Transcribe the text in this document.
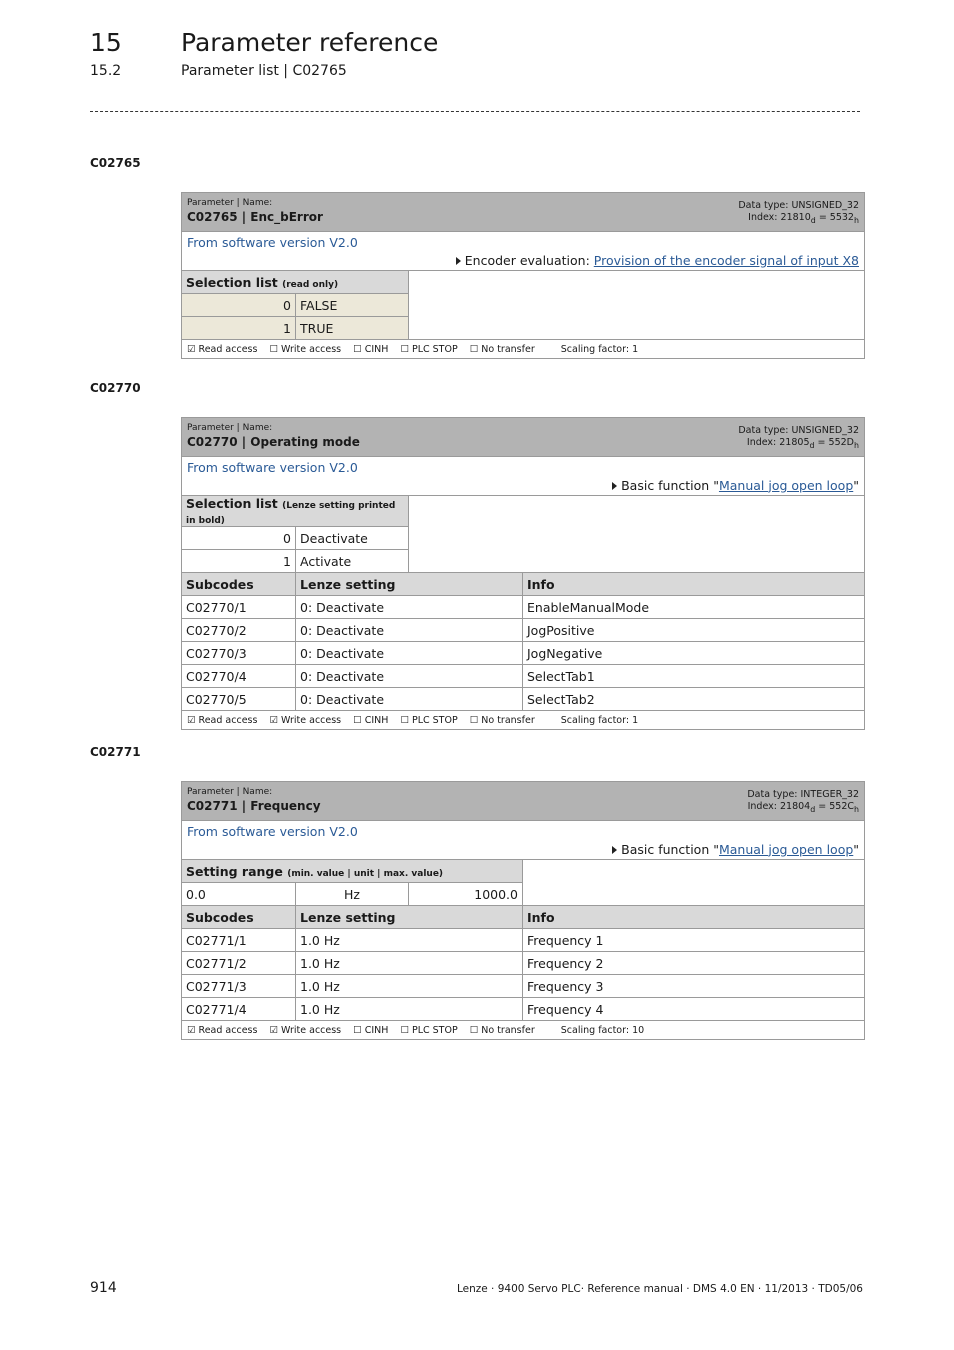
15 Parameter reference
15.2	Parameter list | C02765
C02765
Data type: UNSIGNED_32
Index: $21810_d = 5532_h$
Parameter | Name:
C02765 | Enc_bError		

From software version V2.0
Encoder evaluation: Provision of the encoder signal of input X8		

Selection list (read only)		
0	FALSE	
1	TRUE	
☑ Read access ☐ Write access ☐ CINH ☐ PLC STOP ☐ No transfer Scaling factor: 1		
C02770
Data type: UNSIGNED_32
Index: $21805_d = 552D_h$
Parameter | Name:
C02770 | Operating mode			

From software version V2.0
Basic function "Manual jog open loop"			

Selection list (Lenze setting printed in bold)			
0	Deactivate		
1	Activate		
Subcodes	Lenze setting		Info
C02770/1	0: Deactivate		EnableManualMode
C02770/2	0: Deactivate		JogPositive
C02770/3	0: Deactivate		JogNegative
C02770/4	0: Deactivate		SelectTab1
C02770/5	0: Deactivate		SelectTab2
☑ Read access ☑ Write access ☐ CINH ☐ PLC STOP ☐ No transfer Scaling factor: 1			
C02771
Data type: INTEGER_32
Index: $21804_d = 552C_h$
Parameter | Name:
C02771 | Frequency			

From software version V2.0
Basic function "Manual jog open loop"			

Setting range (min. value | unit | max. value)			
0.0	Hz	1000.0	
Subcodes	Lenze setting		Info
C02771/1	1.0 Hz		Frequency 1
C02771/2	1.0 Hz		Frequency 2
C02771/3	1.0 Hz		Frequency 3
C02771/4	1.0 Hz		Frequency 4
☑ Read access ☑ Write access ☐ CINH ☐ PLC STOP ☐ No transfer Scaling factor: 10			
914	Lenze · 9400 Servo PLC· Reference manual · DMS 4.0 EN · 11/2013 · TD05/06
